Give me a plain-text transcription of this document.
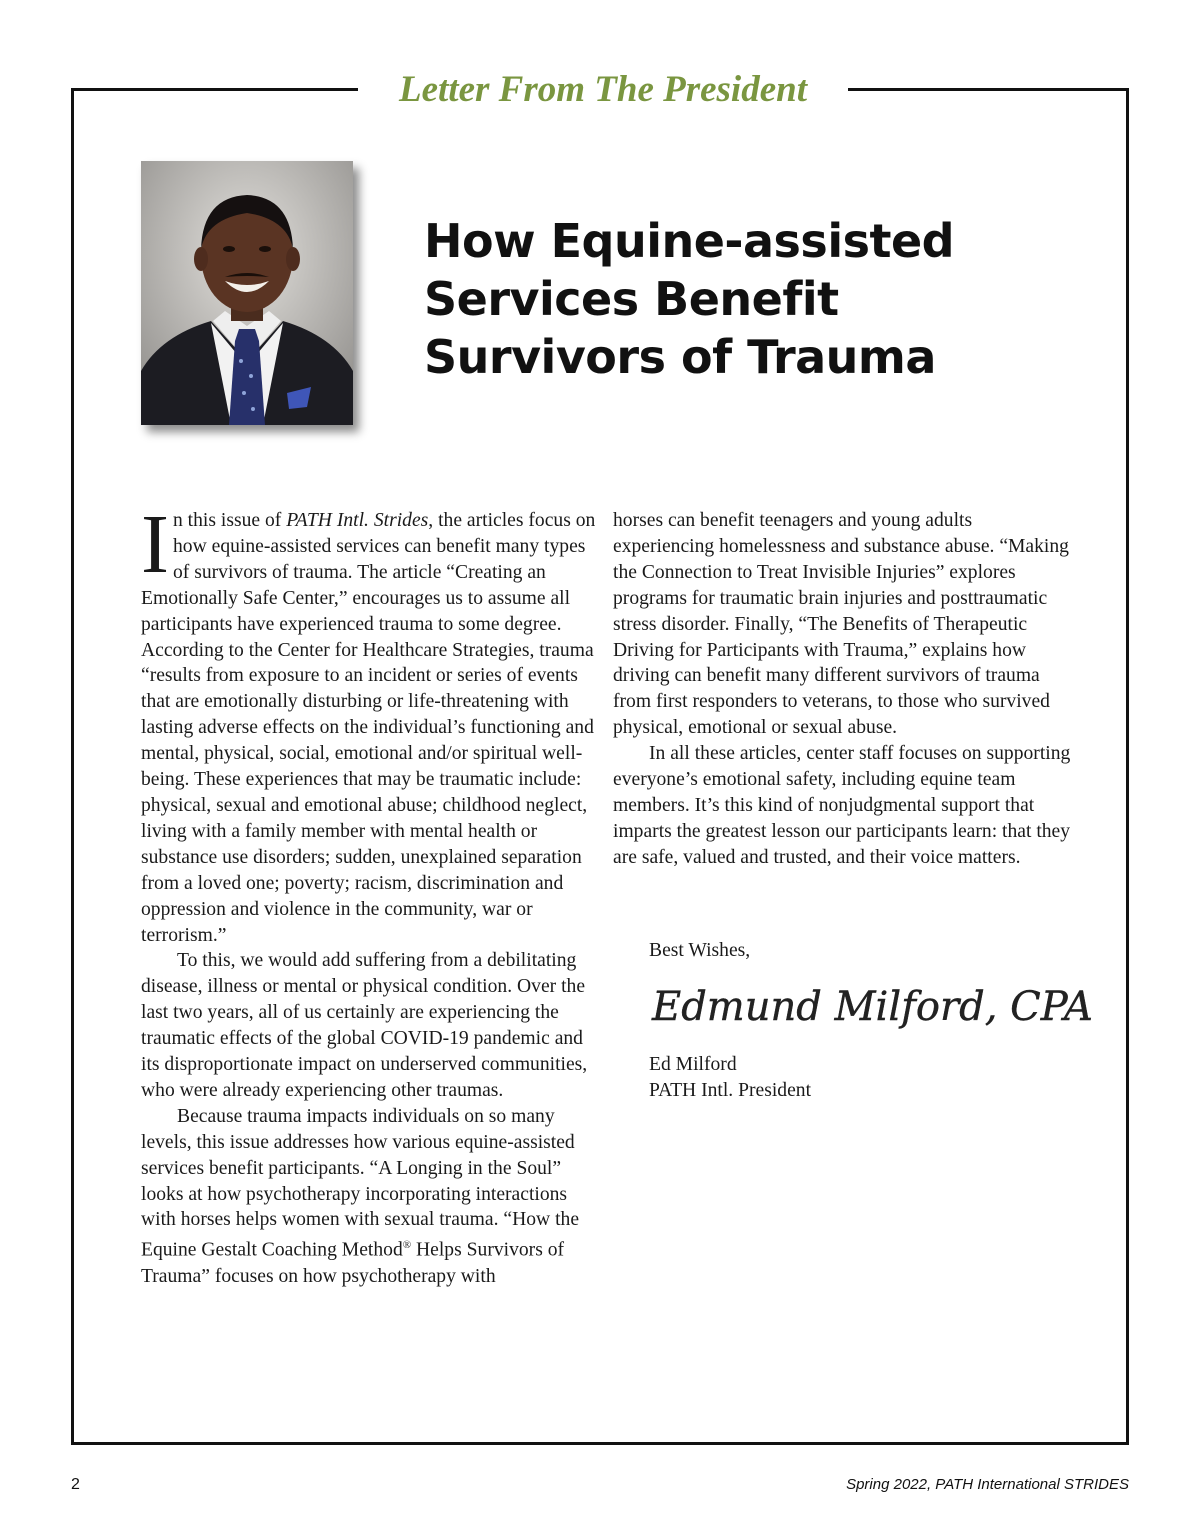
Letter From The President
How Equine-assisted
Services Benefit
Survivors of Trauma

In this issue of PATH Intl. Strides, the articles focus on how equine-assisted services can benefit many types of survivors of trauma. The article “Creating an Emotionally Safe Center,” encourages us to assume all participants have experienced trauma to some degree. According to the Center for Healthcare Strategies, trauma “results from exposure to an incident or series of events that are emotionally disturbing or life-threatening with lasting adverse effects on the individual’s functioning and mental, physical, social, emotional and/or spiritual well-being. These experiences that may be traumatic include: physical, sexual and emotional abuse; childhood neglect, living with a family member with mental health or substance use disorders; sudden, unexplained separation from a loved one; poverty; racism, discrimination and oppression and violence in the community, war or terrorism.”

To this, we would add suffering from a debilitating disease, illness or mental or physical condition. Over the last two years, all of us certainly are experiencing the traumatic effects of the global COVID-19 pandemic and its disproportionate impact on underserved communities, who were already experiencing other traumas.

Because trauma impacts individuals on so many levels, this issue addresses how various equine-assisted services benefit participants. “A Longing in the Soul” looks at how psychotherapy incorporating interactions with horses helps women with sexual trauma. “How the Equine Gestalt Coaching Method® Helps Survivors of Trauma” focuses on how psychotherapy with

horses can benefit teenagers and young adults experiencing homelessness and substance abuse. “Making the Connection to Treat Invisible Injuries” explores programs for traumatic brain injuries and posttraumatic stress disorder. Finally, “The Benefits of Therapeutic Driving for Participants with Trauma,” explains how driving can benefit many different survivors of trauma from first responders to veterans, to those who survived physical, emotional or sexual abuse.

In all these articles, center staff focuses on supporting everyone’s emotional safety, including equine team members. It’s this kind of nonjudgmental support that imparts the greatest lesson our participants learn: that they are safe, valued and trusted, and their voice matters.

Best Wishes,
Edmund Milford, CPA
Ed Milford
PATH Intl. President
2	Spring 2022, PATH International STRIDES
